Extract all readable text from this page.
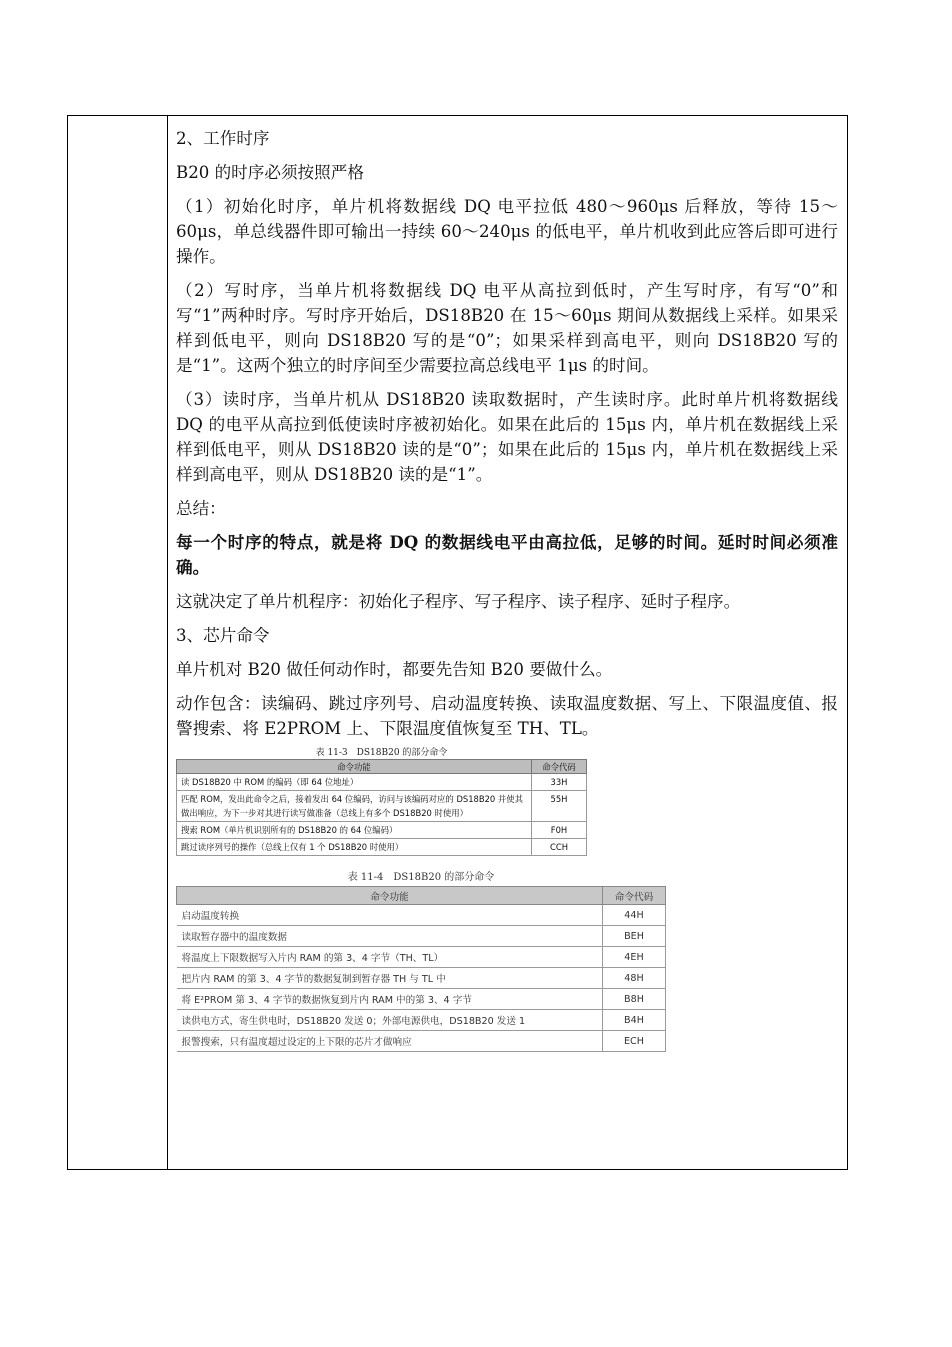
2、工作时序

B20 的时序必须按照严格

（1）初始化时序，单片机将数据线 DQ 电平拉低 480～960μs 后释放，等待 15～60μs，单总线器件即可输出一持续 60～240μs 的低电平，单片机收到此应答后即可进行操作。

（2）写时序，当单片机将数据线 DQ 电平从高拉到低时，产生写时序，有写“0”和写“1”两种时序。写时序开始后，DS18B20 在 15～60μs 期间从数据线上采样。如果采样到低电平，则向 DS18B20 写的是“0”；如果采样到高电平，则向 DS18B20 写的是“1”。这两个独立的时序间至少需要拉高总线电平 1μs 的时间。

（3）读时序，当单片机从 DS18B20 读取数据时，产生读时序。此时单片机将数据线 DQ 的电平从高拉到低使读时序被初始化。如果在此后的 15μs 内，单片机在数据线上采样到低电平，则从 DS18B20 读的是“0”；如果在此后的 15μs 内，单片机在数据线上采样到高电平，则从 DS18B20 读的是“1”。

总结：

每一个时序的特点，就是将 DQ 的数据线电平由高拉低，足够的时间。延时时间必须准确。

这就决定了单片机程序：初始化子程序、写子程序、读子程序、延时子程序。

3、芯片命令

单片机对 B20 做任何动作时，都要先告知 B20 要做什么。

动作包含：读编码、跳过序列号、启动温度转换、读取温度数据、写上、下限温度值、报警搜索、将 E2PROM 上、下限温度值恢复至 TH、TL。

表 11-3　DS18B20 的部分命令
命令功能	命令代码
读 DS18B20 中 ROM 的编码（即 64 位地址）	33H
匹配 ROM，发出此命令之后，接着发出 64 位编码，访问与该编码对应的 DS18B20 并使其做出响应，为下一步对其进行读写做准备（总线上有多个 DS18B20 时使用）	55H
搜索 ROM（单片机识别所有的 DS18B20 的 64 位编码）	F0H
跳过读序列号的操作（总线上仅有 1 个 DS18B20 时使用）	CCH
表 11-4　DS18B20 的部分命令
命令功能	命令代码
启动温度转换	44H
读取暂存器中的温度数据	BEH
将温度上下限数据写入片内 RAM 的第 3、4 字节（TH、TL）	4EH
把片内 RAM 的第 3、4 字节的数据复制到暂存器 TH 与 TL 中	48H
将 E²PROM 第 3、4 字节的数据恢复到片内 RAM 中的第 3、4 字节	B8H
读供电方式，寄生供电时，DS18B20 发送 0；外部电源供电，DS18B20 发送 1	B4H
报警搜索，只有温度超过设定的上下限的芯片才做响应	ECH
